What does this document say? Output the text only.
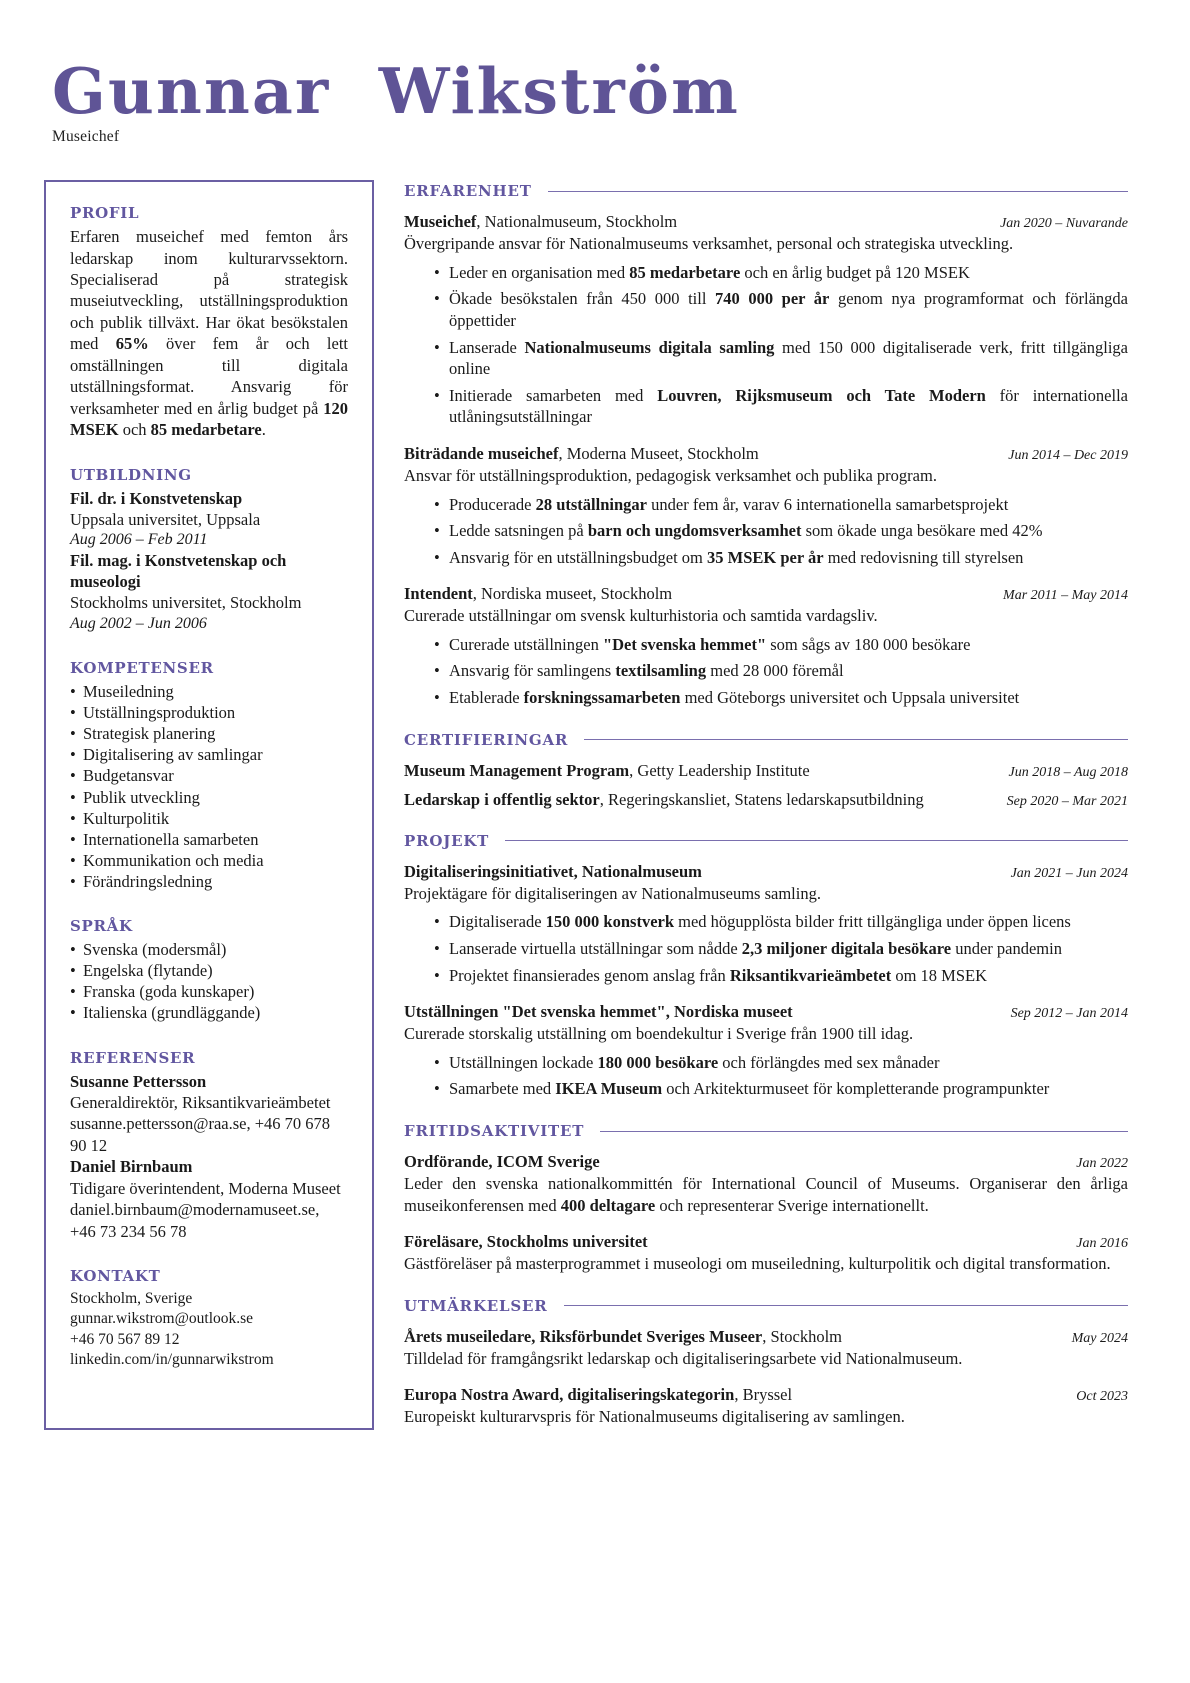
Gunnar  Wikström

Museichef

PROFIL

Erfaren museichef med femton års ledarskap inom kulturarvssektorn. Specialiserad på strategisk museiutveckling, utställningsproduktion och publik tillväxt. Har ökat besökstalen med 65% över fem år och lett omställningen till digitala utställningsformat. Ansvarig för verksamheter med en årlig budget på 120 MSEK och 85 medarbetare.

UTBILDNING
Fil. dr. i Konstvetenskap
Uppsala universitet, Uppsala
Aug 2006 – Feb 2011
Fil. mag. i Konstvetenskap och museologi
Stockholms universitet, Stockholm
Aug 2002 – Jun 2006
KOMPETENSER
• Museiledning
• Utställningsproduktion
• Strategisk planering
• Digitalisering av samlingar
• Budgetansvar
• Publik utveckling
• Kulturpolitik
• Internationella samarbeten
• Kommunikation och media
• Förändringsledning
SPRÅK
• Svenska (modersmål)
• Engelska (flytande)
• Franska (goda kunskaper)
• Italienska (grundläggande)
REFERENSER
Susanne Pettersson
Generaldirektör, Riksantikvarieämbetet
susanne.pettersson@raa.se, +46 70 678 90 12
Daniel Birnbaum
Tidigare överintendent, Moderna Museet
daniel.birnbaum@modernamuseet.se, +46 73 234 56 78
KONTAKT
Stockholm, Sverige
gunnar.wikstrom@outlook.se
+46 70 567 89 12
linkedin.com/in/gunnarwikstrom
ERFARENHET
Museichef, Nationalmuseum, Stockholm	Jan 2020 – Nuvarande
Övergripande ansvar för Nationalmuseums verksamhet, personal och strategiska utveckling.
• Leder en organisation med 85 medarbetare och en årlig budget på 120 MSEK
• Ökade besökstalen från 450 000 till 740 000 per år genom nya programformat och förlängda öppettider
• Lanserade Nationalmuseums digitala samling med 150 000 digitaliserade verk, fritt tillgängliga online
• Initierade samarbeten med Louvren, Rijksmuseum och Tate Modern för internationella utlåningsutställningar
Biträdande museichef, Moderna Museet, Stockholm	Jun 2014 – Dec 2019
Ansvar för utställningsproduktion, pedagogisk verksamhet och publika program.
• Producerade 28 utställningar under fem år, varav 6 internationella samarbetsprojekt
• Ledde satsningen på barn och ungdomsverksamhet som ökade unga besökare med 42%
• Ansvarig för en utställningsbudget om 35 MSEK per år med redovisning till styrelsen
Intendent, Nordiska museet, Stockholm	Mar 2011 – May 2014
Curerade utställningar om svensk kulturhistoria och samtida vardagsliv.
• Curerade utställningen "Det svenska hemmet" som sågs av 180 000 besökare
• Ansvarig för samlingens textilsamling med 28 000 föremål
• Etablerade forskningssamarbeten med Göteborgs universitet och Uppsala universitet
CERTIFIERINGAR
Museum Management Program, Getty Leadership Institute	Jun 2018 – Aug 2018
Ledarskap i offentlig sektor, Regeringskansliet, Statens ledarskapsutbildning	Sep 2020 – Mar 2021
PROJEKT
Digitaliseringsinitiativet, Nationalmuseum	Jan 2021 – Jun 2024
Projektägare för digitaliseringen av Nationalmuseums samling.
• Digitaliserade 150 000 konstverk med högupplösta bilder fritt tillgängliga under öppen licens
• Lanserade virtuella utställningar som nådde 2,3 miljoner digitala besökare under pandemin
• Projektet finansierades genom anslag från Riksantikvarieämbetet om 18 MSEK
Utställningen "Det svenska hemmet", Nordiska museet	Sep 2012 – Jan 2014
Curerade storskalig utställning om boendekultur i Sverige från 1900 till idag.
• Utställningen lockade 180 000 besökare och förlängdes med sex månader
• Samarbete med IKEA Museum och Arkitekturmuseet för kompletterande programpunkter
FRITIDSAKTIVITET
Ordförande, ICOM Sverige	Jan 2022
Leder den svenska nationalkommittén för International Council of Museums. Organiserar den årliga museikonferensen med 400 deltagare och representerar Sverige internationellt.
Föreläsare, Stockholms universitet	Jan 2016
Gästföreläser på masterprogrammet i museologi om museiledning, kulturpolitik och digital transformation.
UTMÄRKELSER
Årets museiledare, Riksförbundet Sveriges Museer, Stockholm	May 2024
Tilldelad för framgångsrikt ledarskap och digitaliseringsarbete vid Nationalmuseum.
Europa Nostra Award, digitaliseringskategorin, Bryssel	Oct 2023
Europeiskt kulturarvspris för Nationalmuseums digitalisering av samlingen.
